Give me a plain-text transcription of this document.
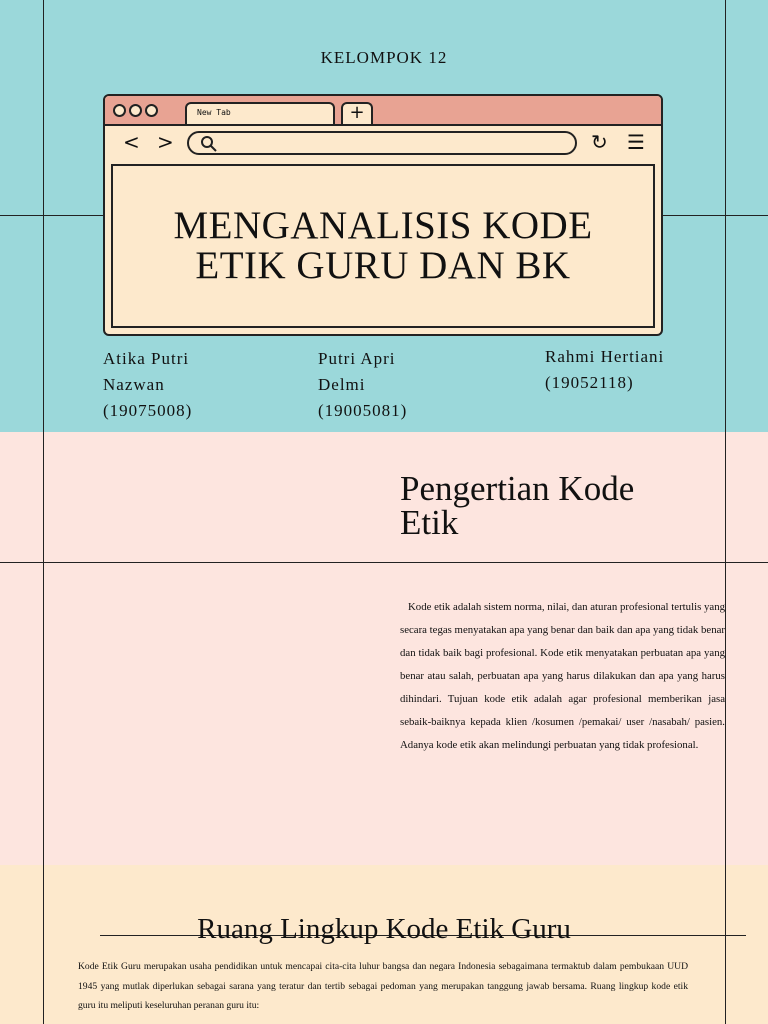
KELOMPOK 12
New Tab	+
< >	↻ ☰
MENGANALISIS KODE
ETIK GURU DAN BK
Atika Putri
Nazwan
(19075008)
Putri Apri
Delmi
(19005081)
Rahmi Hertiani
(19052118)
Pengertian Kode
Etik

Kode etik adalah sistem norma, nilai, dan aturan profesional tertulis yang secara tegas menyatakan apa yang benar dan baik dan apa yang tidak benar dan tidak baik bagi profesional. Kode etik menyatakan perbuatan apa yang benar atau salah, perbuatan apa yang harus dilakukan dan apa yang harus dihindari. Tujuan kode etik adalah agar profesional memberikan jasa sebaik-baiknya kepada klien /kosumen /pemakai/ user /nasabah/ pasien. Adanya kode etik akan melindungi perbuatan yang tidak profesional.

Ruang Lingkup Kode Etik Guru

Kode Etik Guru merupakan usaha pendidikan untuk mencapai cita-cita luhur bangsa dan negara Indonesia sebagaimana termaktub dalam pembukaan UUD 1945 yang mutlak diperlukan sebagai sarana yang teratur dan tertib sebagai pedoman yang merupakan tanggung jawab bersama. Ruang lingkup kode etik guru itu meliputi keseluruhan peranan guru itu:
